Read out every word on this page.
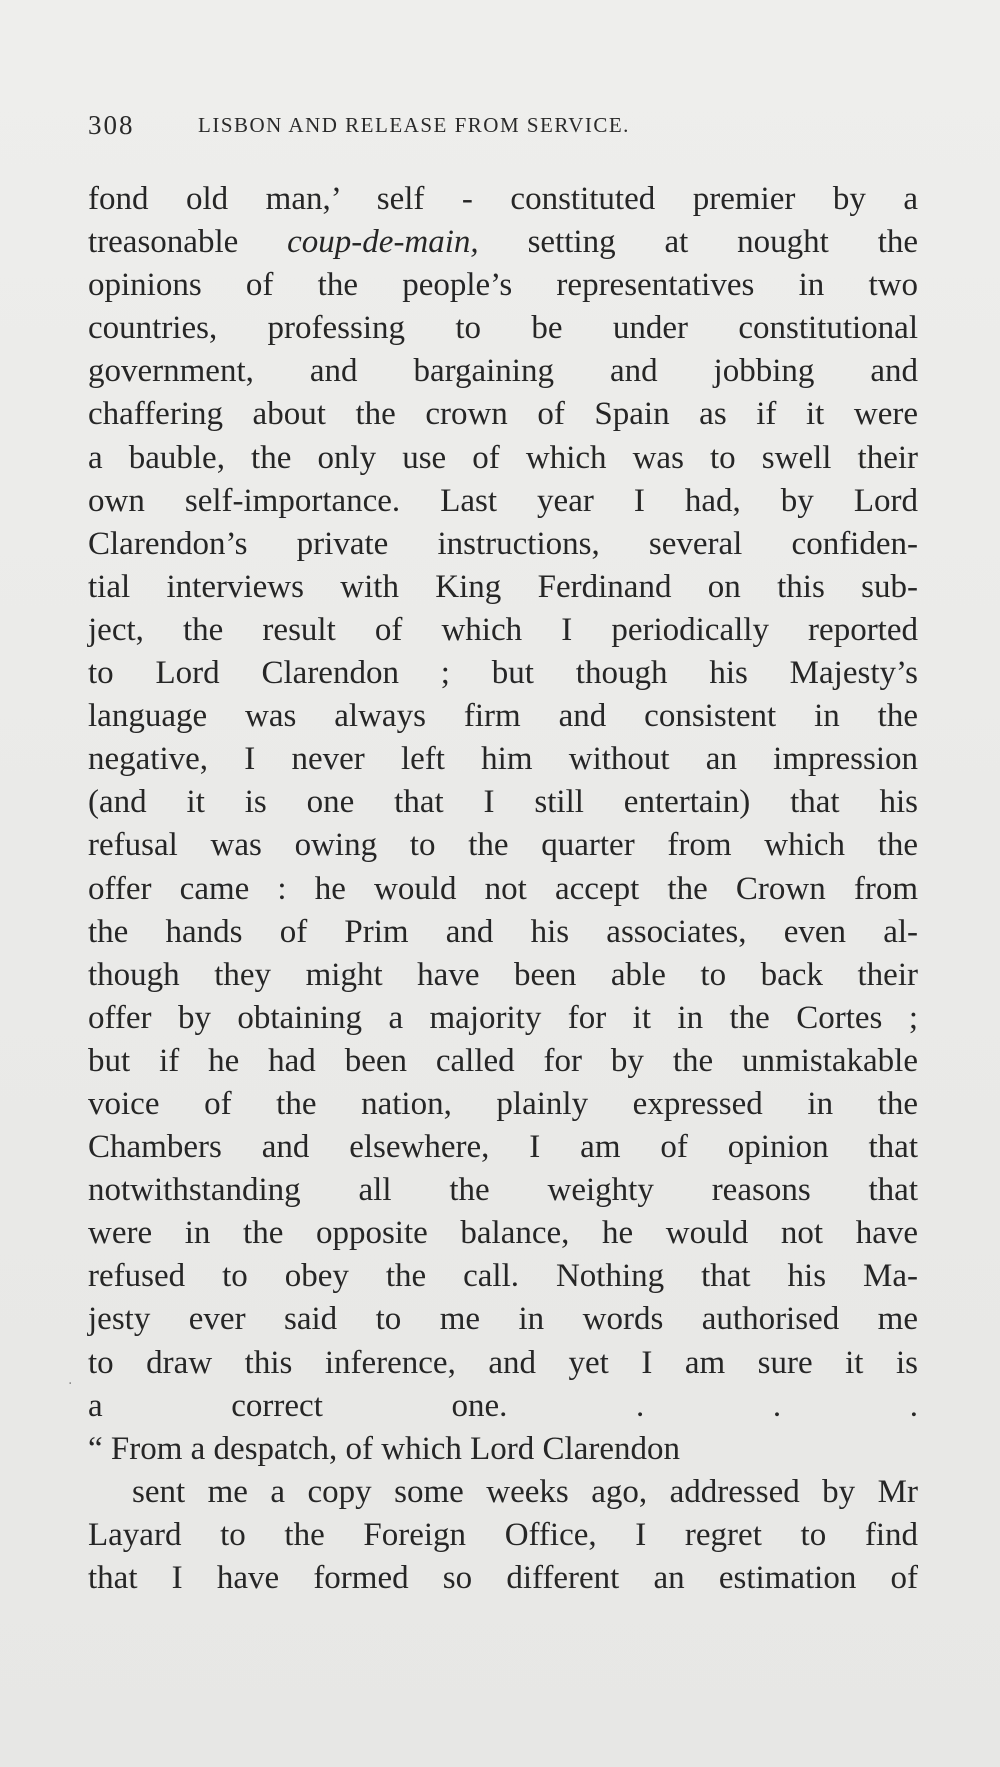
308	LISBON AND RELEASE FROM SERVICE.
fond old man,’ self - constituted premier by a
treasonable coup-de-main, setting at nought the
opinions of the people’s representatives in two
countries, professing to be under constitutional
government, and bargaining and jobbing and
chaffering about the crown of Spain as if it were
a bauble, the only use of which was to swell their
own self-importance. Last year I had, by Lord
Clarendon’s private instructions, several confiden-
tial interviews with King Ferdinand on this sub-
ject, the result of which I periodically reported
to Lord Clarendon ; but though his Majesty’s
language was always firm and consistent in the
negative, I never left him without an impression
(and it is one that I still entertain) that his
refusal was owing to the quarter from which the
offer came : he would not accept the Crown from
the hands of Prim and his associates, even al-
though they might have been able to back their
offer by obtaining a majority for it in the Cortes ;
but if he had been called for by the unmistakable
voice of the nation, plainly expressed in the
Chambers and elsewhere, I am of opinion that
notwithstanding all the weighty reasons that
were in the opposite balance, he would not have
refused to obey the call. Nothing that his Ma-
jesty ever said to me in words authorised me
to draw this inference, and yet I am sure it is
a correct one. . . .
“ From a despatch, of which Lord Clarendon
sent me a copy some weeks ago, addressed by Mr
Layard to the Foreign Office, I regret to find
that I have formed so different an estimation of
·
